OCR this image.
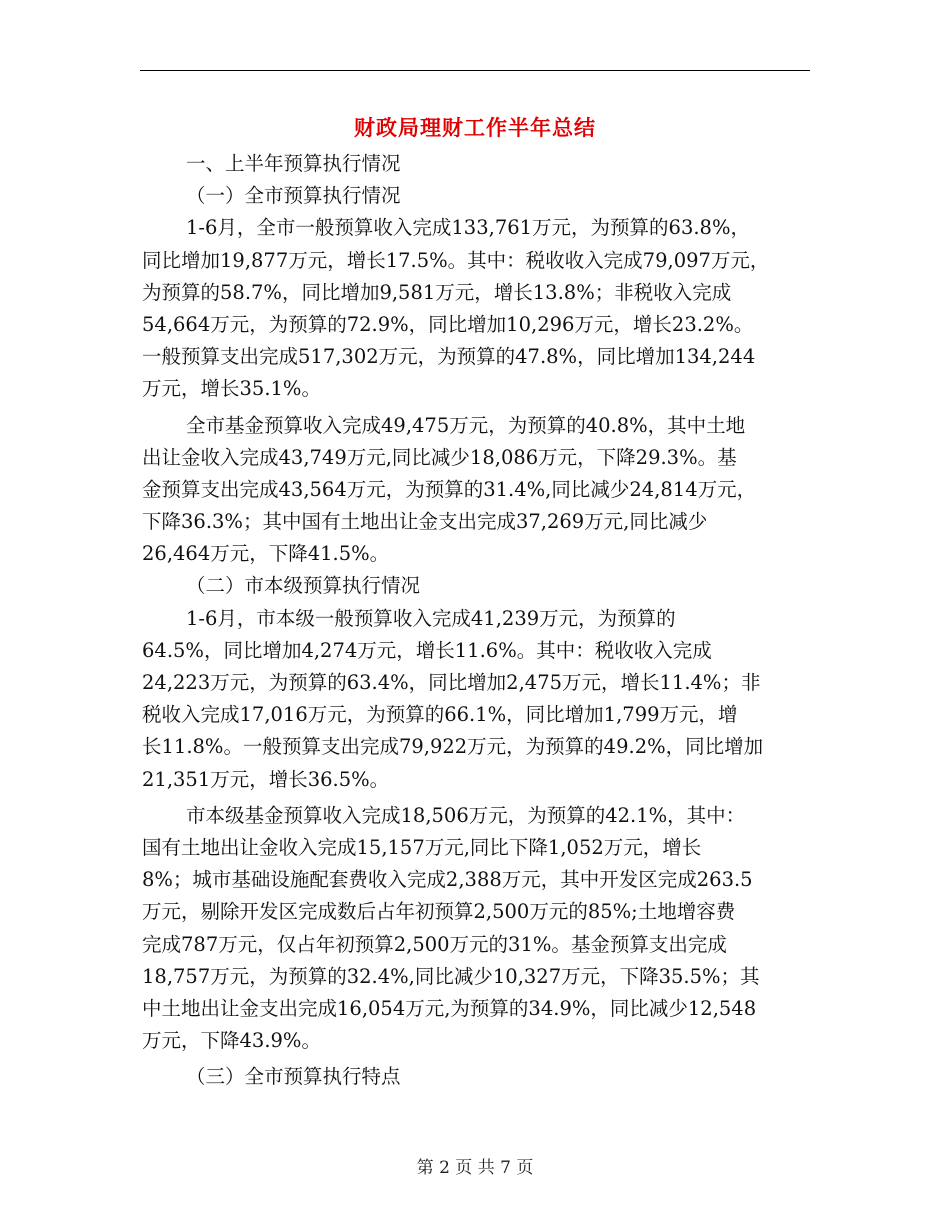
财政局理财工作半年总结
一、上半年预算执行情况
（一）全市预算执行情况
1-6月，全市一般预算收入完成133,761万元，为预算的63.8%，
同比增加19,877万元，增长17.5%。其中：税收收入完成79,097万元，
为预算的58.7%，同比增加9,581万元，增长13.8%；非税收入完成
54,664万元，为预算的72.9%，同比增加10,296万元，增长23.2%。
一般预算支出完成517,302万元，为预算的47.8%，同比增加134,244
万元，增长35.1%。
全市基金预算收入完成49,475万元，为预算的40.8%，其中土地
出让金收入完成43,749万元,同比减少18,086万元，下降29.3%。基
金预算支出完成43,564万元，为预算的31.4%,同比减少24,814万元，
下降36.3%；其中国有土地出让金支出完成37,269万元,同比减少
26,464万元，下降41.5%。
（二）市本级预算执行情况
1-6月，市本级一般预算收入完成41,239万元，为预算的
64.5%，同比增加4,274万元，增长11.6%。其中：税收收入完成
24,223万元，为预算的63.4%，同比增加2,475万元，增长11.4%；非
税收入完成17,016万元，为预算的66.1%，同比增加1,799万元，增
长11.8%。一般预算支出完成79,922万元，为预算的49.2%，同比增加
21,351万元，增长36.5%。
市本级基金预算收入完成18,506万元，为预算的42.1%，其中：
国有土地出让金收入完成15,157万元,同比下降1,052万元，增长
8%；城市基础设施配套费收入完成2,388万元，其中开发区完成263.5
万元，剔除开发区完成数后占年初预算2,500万元的85%;土地增容费
完成787万元，仅占年初预算2,500万元的31%。基金预算支出完成
18,757万元，为预算的32.4%,同比减少10,327万元，下降35.5%；其
中土地出让金支出完成16,054万元,为预算的34.9%，同比减少12,548
万元，下降43.9%。
（三）全市预算执行特点
第 2 页 共 7 页
